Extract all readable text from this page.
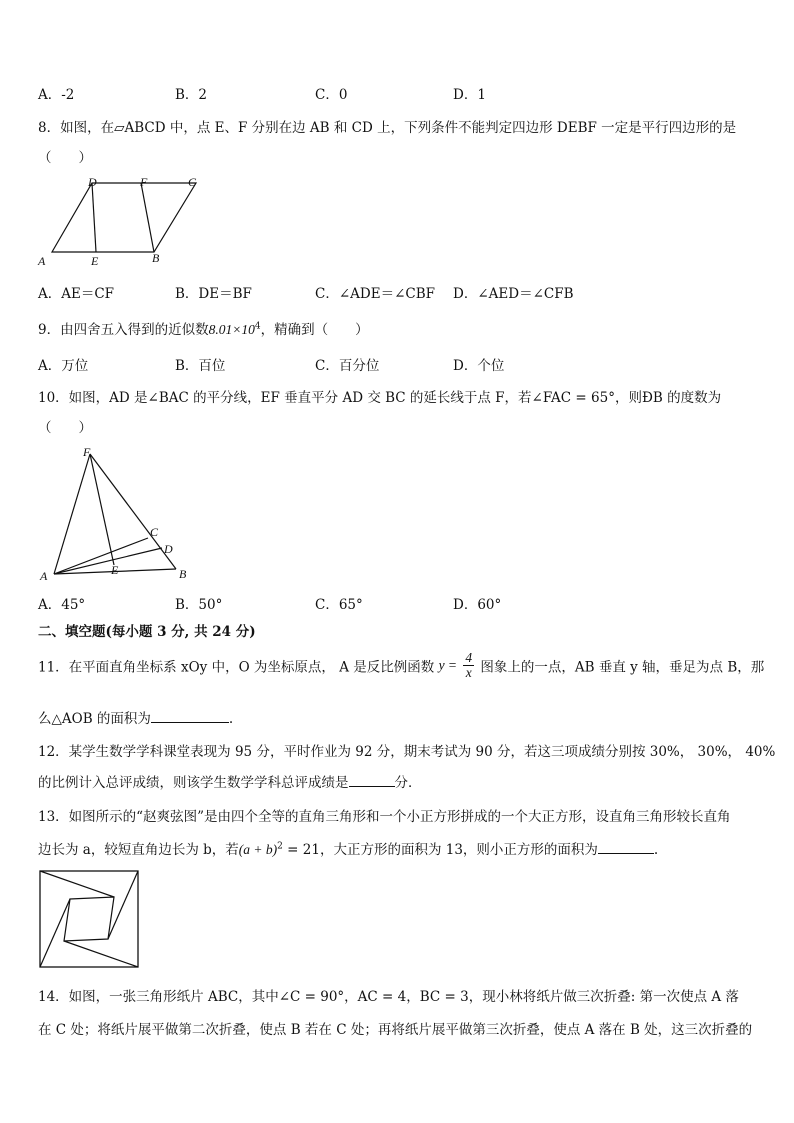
A．-2	B．2	C．0	D．1
8．如图，在▱ABCD 中，点 E、F 分别在边 AB 和 CD 上，下列条件不能判定四边形 DEBF 一定是平行四边形的是
（　　）
D	F	C
A	E	B
A．AE＝CF	B．DE＝BF	C．∠ADE＝∠CBF D．∠AED＝∠CFB
9．由四舍五入得到的近似数$8.01\times 10^4$，精确到（　　）
A．万位	B．百位	C．百分位	D．个位
10．如图，AD 是∠BAC 的平分线，EF 垂直平分 AD 交 BC 的延长线于点 F，若∠FAC = 65°，则ÐB 的度数为
（　　）
F
C
D
A	E	B
A．45°	B．50°	C．65°	D．60°
二、填空题(每小题 3 分, 共 24 分)
11．在平面直角坐标系 xOy 中，O 为坐标原点， A 是反比例函数 $y = \frac{4}{x}$ 图象上的一点，AB 垂直 y 轴，垂足为点 B，那
么△AOB 的面积为	.
12．某学生数学学科课堂表现为 95 分，平时作业为 92 分，期末考试为 90 分，若这三项成绩分别按 30%， 30%， 40%
的比例计入总评成绩，则该学生数学学科总评成绩是	分．
13．如图所示的“赵爽弦图”是由四个全等的直角三角形和一个小正方形拼成的一个大正方形，设直角三角形较长直角
边长为 a，较短直角边长为 b，若$(a + b)^2 = 21$，大正方形的面积为 13，则小正方形的面积为	.
14．如图，一张三角形纸片 ABC，其中∠C = 90°，AC = 4，BC = 3，现小林将纸片做三次折叠: 第一次使点 A 落
在 C 处；将纸片展平做第二次折叠，使点 B 若在 C 处；再将纸片展平做第三次折叠，使点 A 落在 B 处，这三次折叠的
